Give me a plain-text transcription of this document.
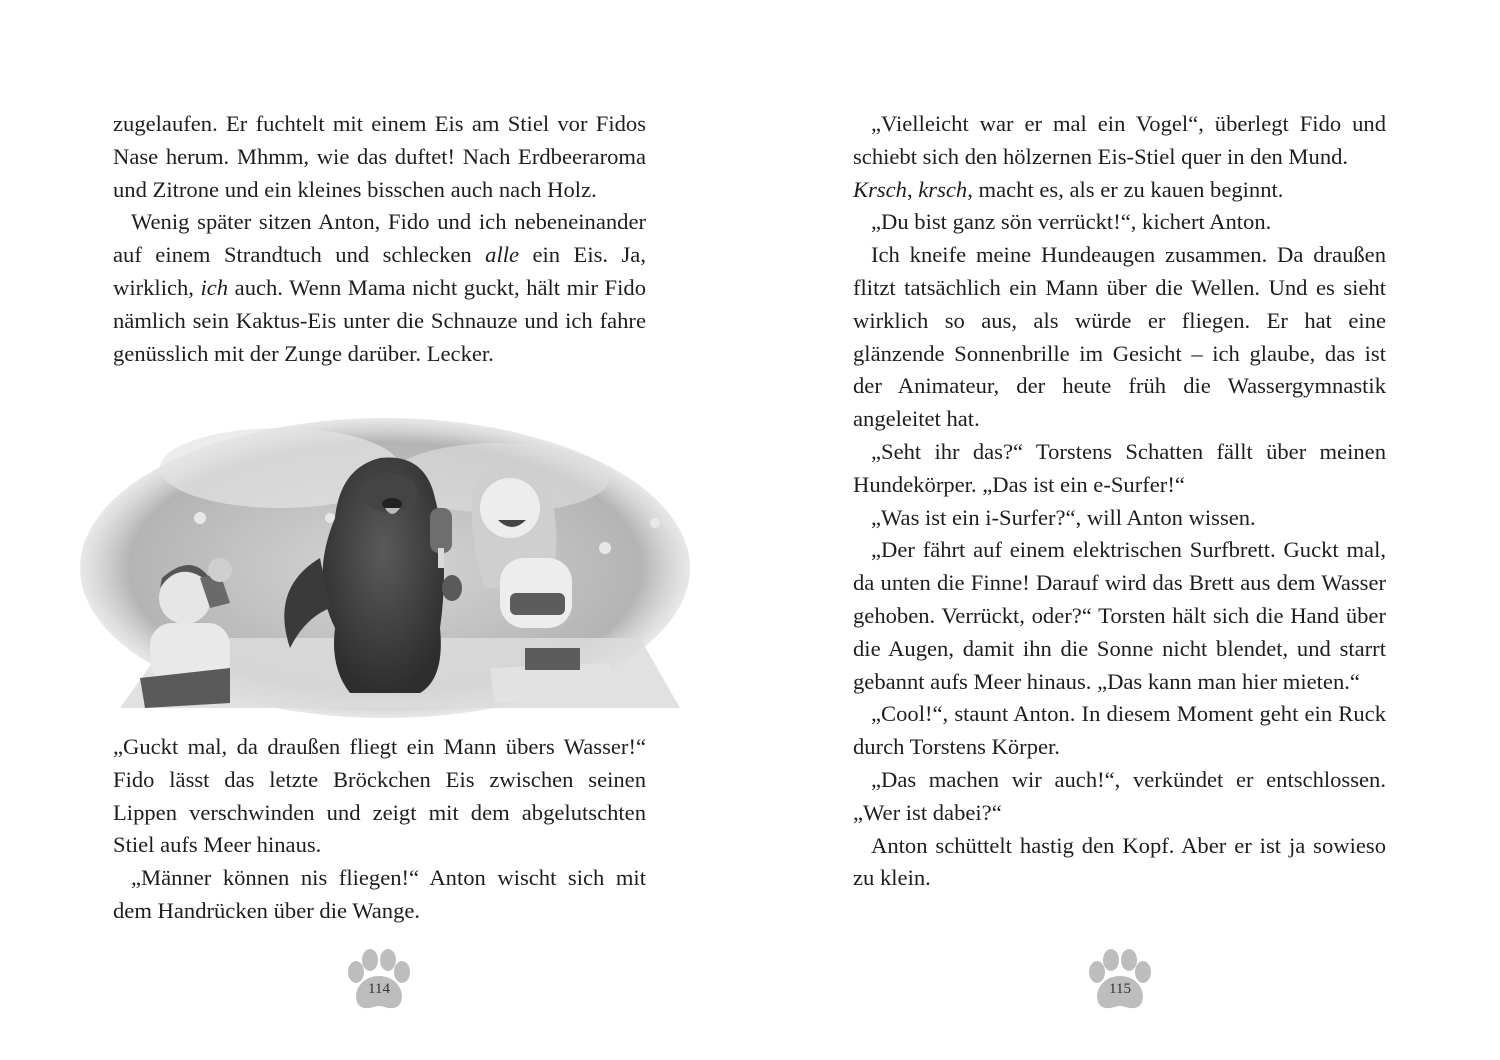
zugelaufen. Er fuchtelt mit einem Eis am Stiel vor Fidos Nase herum. Mhmm, wie das duftet! Nach Erdbeeraroma und Zitrone und ein kleines bisschen auch nach Holz.

Wenig später sitzen Anton, Fido und ich nebeneinander auf einem Strandtuch und schlecken alle ein Eis. Ja, wirklich, ich auch. Wenn Mama nicht guckt, hält mir Fido nämlich sein Kaktus-Eis unter die Schnauze und ich fahre genüsslich mit der Zunge darüber. Lecker.

„Guckt mal, da draußen fliegt ein Mann übers Wasser!“ Fido lässt das letzte Bröckchen Eis zwischen seinen Lippen verschwinden und zeigt mit dem abgelutschten Stiel aufs Meer hinaus.

„Männer können nis fliegen!“ Anton wischt sich mit dem Handrücken über die Wange.

114

„Vielleicht war er mal ein Vogel“, überlegt Fido und schiebt sich den hölzernen Eis-Stiel quer in den Mund.

Krsch, krsch, macht es, als er zu kauen beginnt.

„Du bist ganz sön verrückt!“, kichert Anton.

Ich kneife meine Hundeaugen zusammen. Da draußen flitzt tatsächlich ein Mann über die Wellen. Und es sieht wirklich so aus, als würde er fliegen. Er hat eine glänzende Sonnenbrille im Gesicht – ich glaube, das ist der Animateur, der heute früh die Wassergymnastik angeleitet hat.

„Seht ihr das?“ Torstens Schatten fällt über meinen Hundekörper. „Das ist ein e-Surfer!“

„Was ist ein i-Surfer?“, will Anton wissen.

„Der fährt auf einem elektrischen Surfbrett. Guckt mal, da unten die Finne! Darauf wird das Brett aus dem Wasser gehoben. Verrückt, oder?“ Torsten hält sich die Hand über die Augen, damit ihn die Sonne nicht blendet, und starrt gebannt aufs Meer hinaus. „Das kann man hier mieten.“

„Cool!“, staunt Anton. In diesem Moment geht ein Ruck durch Torstens Körper.

„Das machen wir auch!“, verkündet er entschlossen. „Wer ist dabei?“

Anton schüttelt hastig den Kopf. Aber er ist ja sowieso zu klein.

115
